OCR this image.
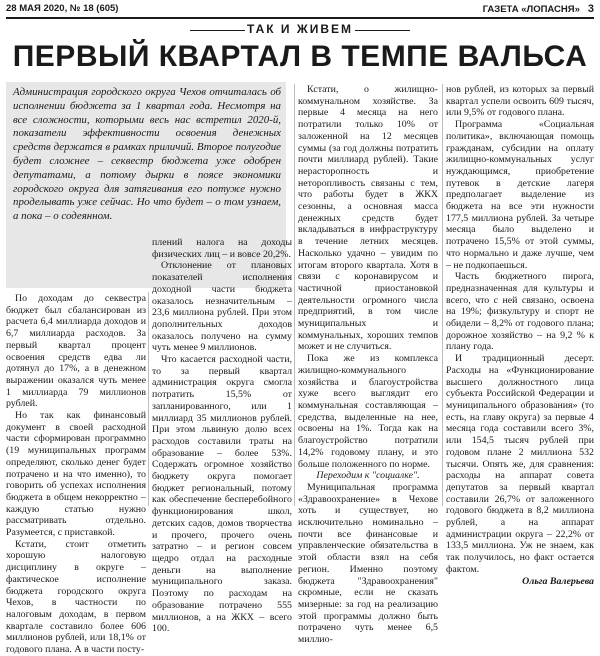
28 МАЯ 2020, № 18 (605)	ГАЗЕТА «ЛОПАСНЯ» 3
ТАК И ЖИВЕМ
ПЕРВЫЙ КВАРТАЛ В ТЕМПЕ ВАЛЬСА
Администрация городского округа Чехов отчиталась об исполнении бюджета за 1 квартал года. Несмотря на все сложности, которыми весь нас встретил 2020-й, показатели эффективности освоения денежных средств держатся в рамках приличий. Второе полугодие будет сложнее – секвестр бюджета уже одобрен депутатами, а потому дырки в поясе экономики городского округа для затягивания его потуже нужно проделывать уже сейчас. Но что будет – о том узнаем, а пока – о содеянном.

По доходам до секвестра бюджет был сбалансирован из расчета 6,4 миллиарда доходов и 6,7 миллиарда расходов. За первый квартал процент освоения средств едва ли дотянул до 17%, а в денежном выражении оказался чуть менее 1 миллиарда 79 миллионов рублей.

Но так как финансовый документ в своей расходной части сформирован программно (19 муниципальных программ определяют, сколько денег будет потрачено и на что именно), то говорить об успехах исполнения бюджета в общем некорректно – каждую статью нужно рассматривать отдельно. Разумеется, с приставкой.

Кстати, стоит отметить хорошую налоговую дисциплину в округе – фактическое исполнение бюджета городского округа Чехов, в частности по налоговым доходам, в первом квартале составило более 606 миллионов рублей, или 18,1% от годового плана. А в части посту-

плений налога на доходы физических лиц – и вовсе 20,2%.

Отклонение от плановых показателей исполнения доходной части бюджета оказалось незначительным – 23,6 миллиона рублей. При этом дополнительных доходов оказалось получено на сумму чуть менее 9 миллионов.

Что касается расходной части, то за первый квартал администрация округа смогла потратить 15,5% от запланированного, или 1 миллиард 35 миллионов рублей. При этом львиную долю всех расходов составили траты на образование – более 53%. Содержать огромное хозяйство бюджету округа помогает бюджет региональный, потому как обеспечение бесперебойного функционирования школ, детских садов, домов творчества и прочего, прочего очень затратно – и регион совсем щедро отдал на расходные деньги на выполнение муниципального заказа. Поэтому по расходам на образование потрачено 555 миллионов, а на ЖКХ – всего 100.

Кстати, о жилищно-коммунальном хозяйстве. За первые 4 месяца на него потратили только 10% от заложенной на 12 месяцев суммы (за год должны потратить почти миллиард рублей). Такие нерасторопность и неторопливость связаны с тем, что работы будет в ЖКХ сезонны, а основная масса денежных средств будет вкладываться в инфраструктуру в течение летних месяцев. Насколько удачно – увидим по итогам второго квартала. Хотя в связи с коронавирусом и частичной приостановкой деятельности огромного числа предприятий, в том числе муниципальных и коммунальных, хороших темпов может и не случиться.

Пока же из комплекса жилищно-коммунального хозяйства и благоустройства хуже всего выглядит его коммунальная составляющая – средства, выделенные на нее, освоены на 1%. Тогда как на благоустройство потратили 14,2% годовому плану, и это больше положенного по норме.

Переходим к "социалке".

Муниципальная программа «Здравоохранение» в Чехове хоть и существует, но исключительно номинально – почти все финансовые и управленческие обязательства в этой области взял на себя регион. Именно поэтому бюджета "Здравоохранения" скромные, если не сказать мизерные: за год на реализацию этой программы должно быть потрачено чуть менее 6,5 миллио-

нов рублей, из которых за первый квартал успели освоить 609 тысяч, или 9,5% от годового плана.

Программа «Социальная политика», включающая помощь гражданам, субсидии на оплату жилищно-коммунальных услуг нуждающимся, приобретение путевок в детские лагеря предполагает выделение из бюджета на все эти нужности 177,5 миллиона рублей. За четыре месяца было выделено и потрачено 15,5% от этой суммы, что нормально и даже лучше, чем – не подкопаешься.

Часть бюджетного пирога, предназначенная для культуры и всего, что с ней связано, освоена на 19%; физкультуру и спорт не обидели – 8,2% от годового плана; дорожное хозяйство – на 9,2 % к плану года.

И традиционный десерт. Расходы на «Функционирование высшего должностного лица субъекта Российской Федерации и муниципального образования» (то есть, на главу округа) за первые 4 месяца года составили всего 3%, или 154,5 тысяч рублей при годовом плане 2 миллиона 532 тысячи. Опять же, для сравнения: расходы на аппарат совета депутатов за первый квартал составили 26,7% от заложенного годового бюджета в 8,2 миллиона рублей, а на аппарат администрации округа – 22,2% от 133,5 миллиона. Уж не знаем, как так получилось, но факт остается фактом.

Ольга Валерьева
